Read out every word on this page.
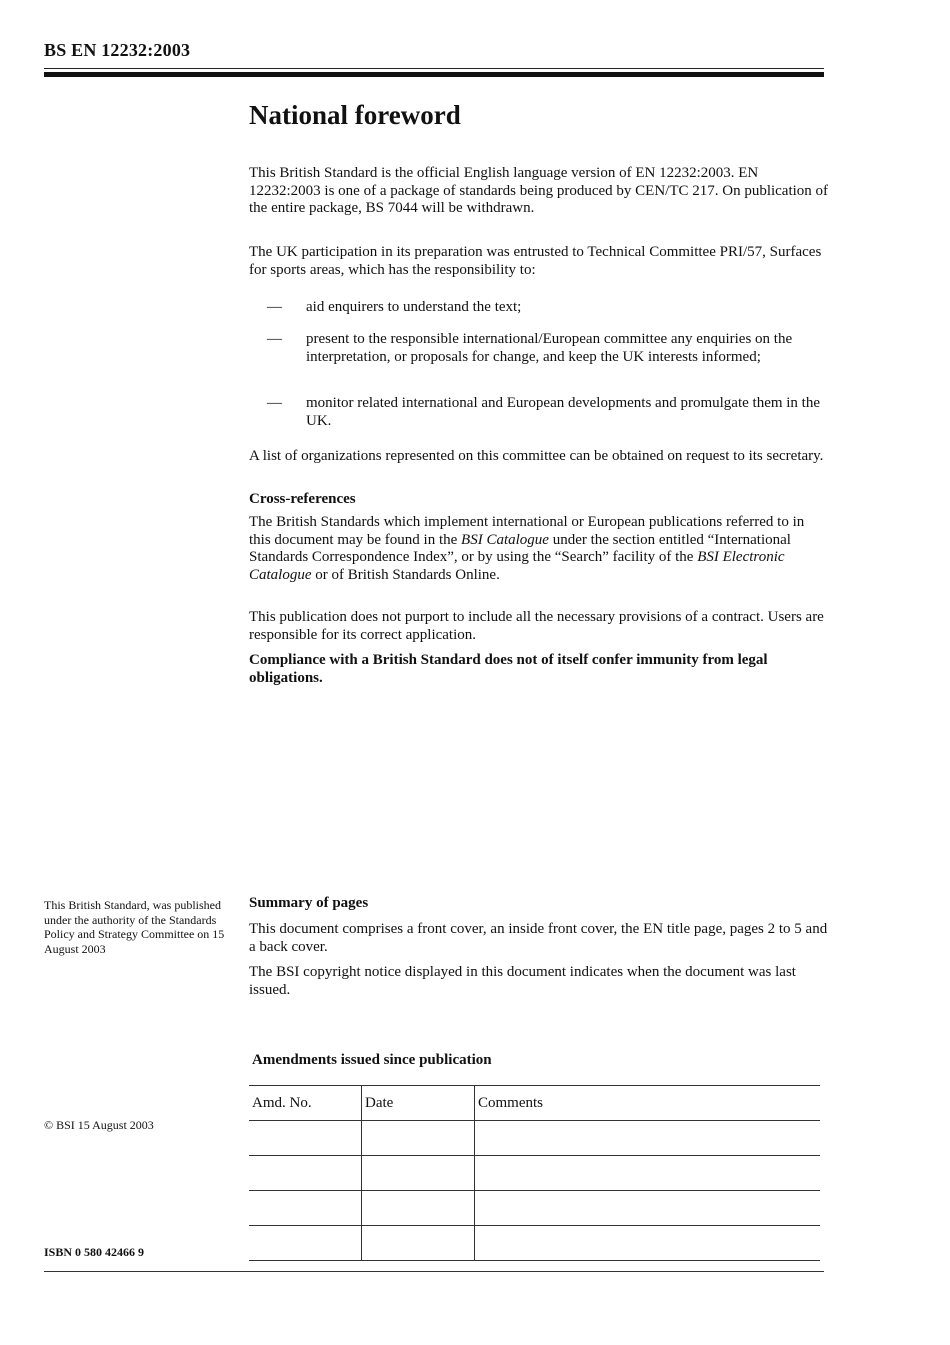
BS EN 12232:2003
National foreword
This British Standard is the official English language version of EN 12232:2003. EN 12232:2003 is one of a package of standards being produced by CEN/TC 217. On publication of the entire package, BS 7044 will be withdrawn.
The UK participation in its preparation was entrusted to Technical Committee PRI/57, Surfaces for sports areas, which has the responsibility to:
— aid enquirers to understand the text;
— present to the responsible international/European committee any enquiries on the interpretation, or proposals for change, and keep the UK interests informed;
— monitor related international and European developments and promulgate them in the UK.
A list of organizations represented on this committee can be obtained on request to its secretary.
Cross-references
The British Standards which implement international or European publications referred to in this document may be found in the BSI Catalogue under the section entitled “International Standards Correspondence Index”, or by using the “Search” facility of the BSI Electronic Catalogue or of British Standards Online.
This publication does not purport to include all the necessary provisions of a contract. Users are responsible for its correct application.
Compliance with a British Standard does not of itself confer immunity from legal obligations.
This British Standard, was published under the authority of the Standards Policy and Strategy Committee on 15 August 2003
Summary of pages
This document comprises a front cover, an inside front cover, the EN title page, pages 2 to 5 and a back cover.
The BSI copyright notice displayed in this document indicates when the document was last issued.
Amendments issued since publication
Amd. No.	Date	Comments

© BSI 15 August 2003
ISBN 0 580 42466 9
